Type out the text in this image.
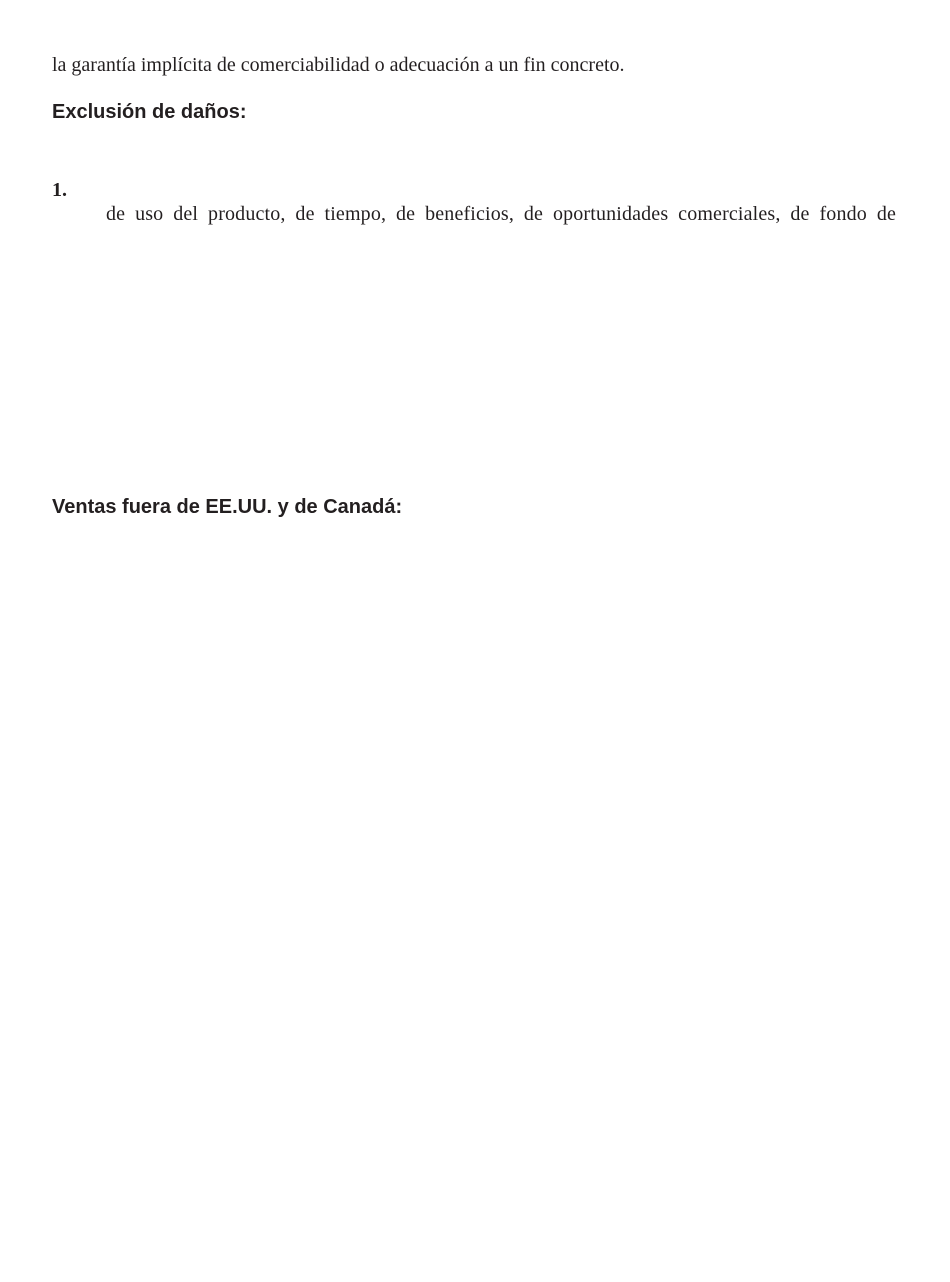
la garantía implícita de comerciabilidad o adecuación a un fin concreto.
Exclusión de daños:
1.
de uso del producto, de tiempo, de beneficios, de oportunidades comerciales, de fondo de
Ventas fuera de EE.UU. y de Canadá:
